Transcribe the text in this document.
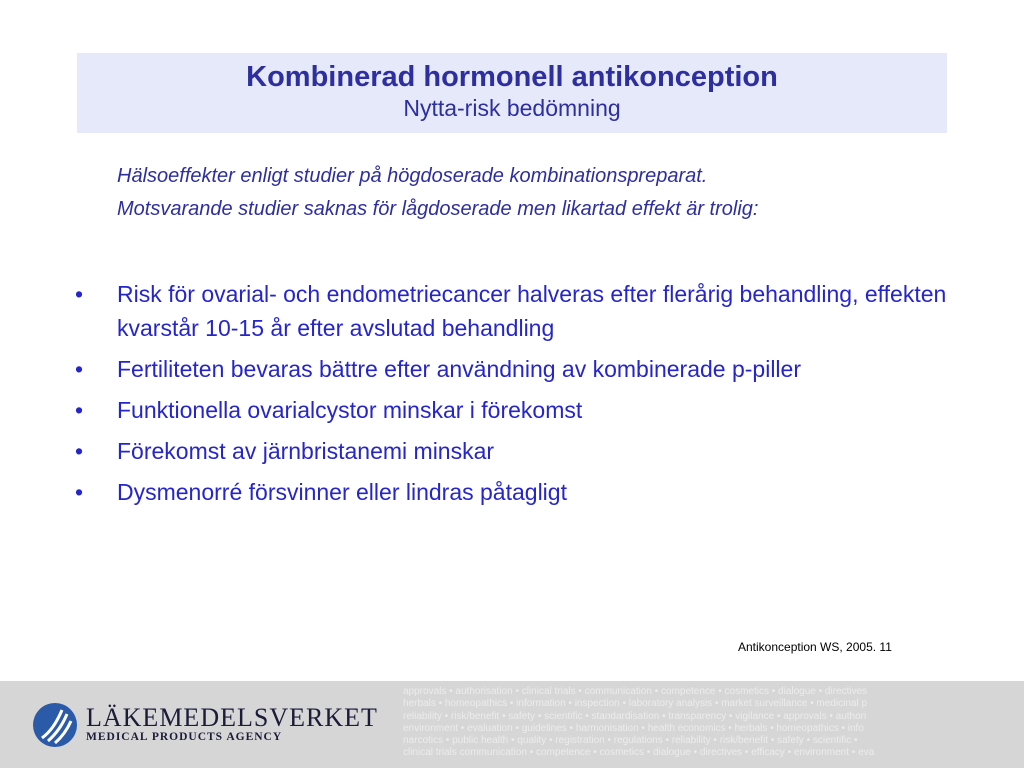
Kombinerad hormonell antikonception

Nytta-risk bedömning

Hälsoeffekter enligt studier på högdoserade kombinationspreparat.

Motsvarande studier saknas för lågdoserade men likartad effekt är trolig:

• Risk för ovarial- och endometriecancer halveras efter flerårig behandling, effekten kvarstår 10-15 år efter avslutad behandling
• Fertiliteten bevaras bättre efter användning av kombinerade p-piller
• Funktionella ovarialcystor minskar i förekomst
• Förekomst av järnbristanemi minskar
• Dysmenorré försvinner eller lindras påtagligt
Antikonception WS, 2005. 11
LÄKEMEDELSVERKET
MEDICAL PRODUCTS AGENCY
approvals • authorisation • clinical trials • communication • competence • cosmetics • dialogue • directives
herbals • homeopathics • information • inspection • laboratory analysis • market surveillance • medicinal p
reliability • risk/benefit • safety • scientific • standardisation • transparency • vigilance • approvals • authori
environment • evaluation • guidelines • harmonisation • health economics • herbals • homeopathics • info
narcotics • public health • quality • registration • regulations • reliability • risk/benefit • safety • scientific •
clinical trials communication • competence • cosmetics • dialogue • directives • efficacy • environment • eva
